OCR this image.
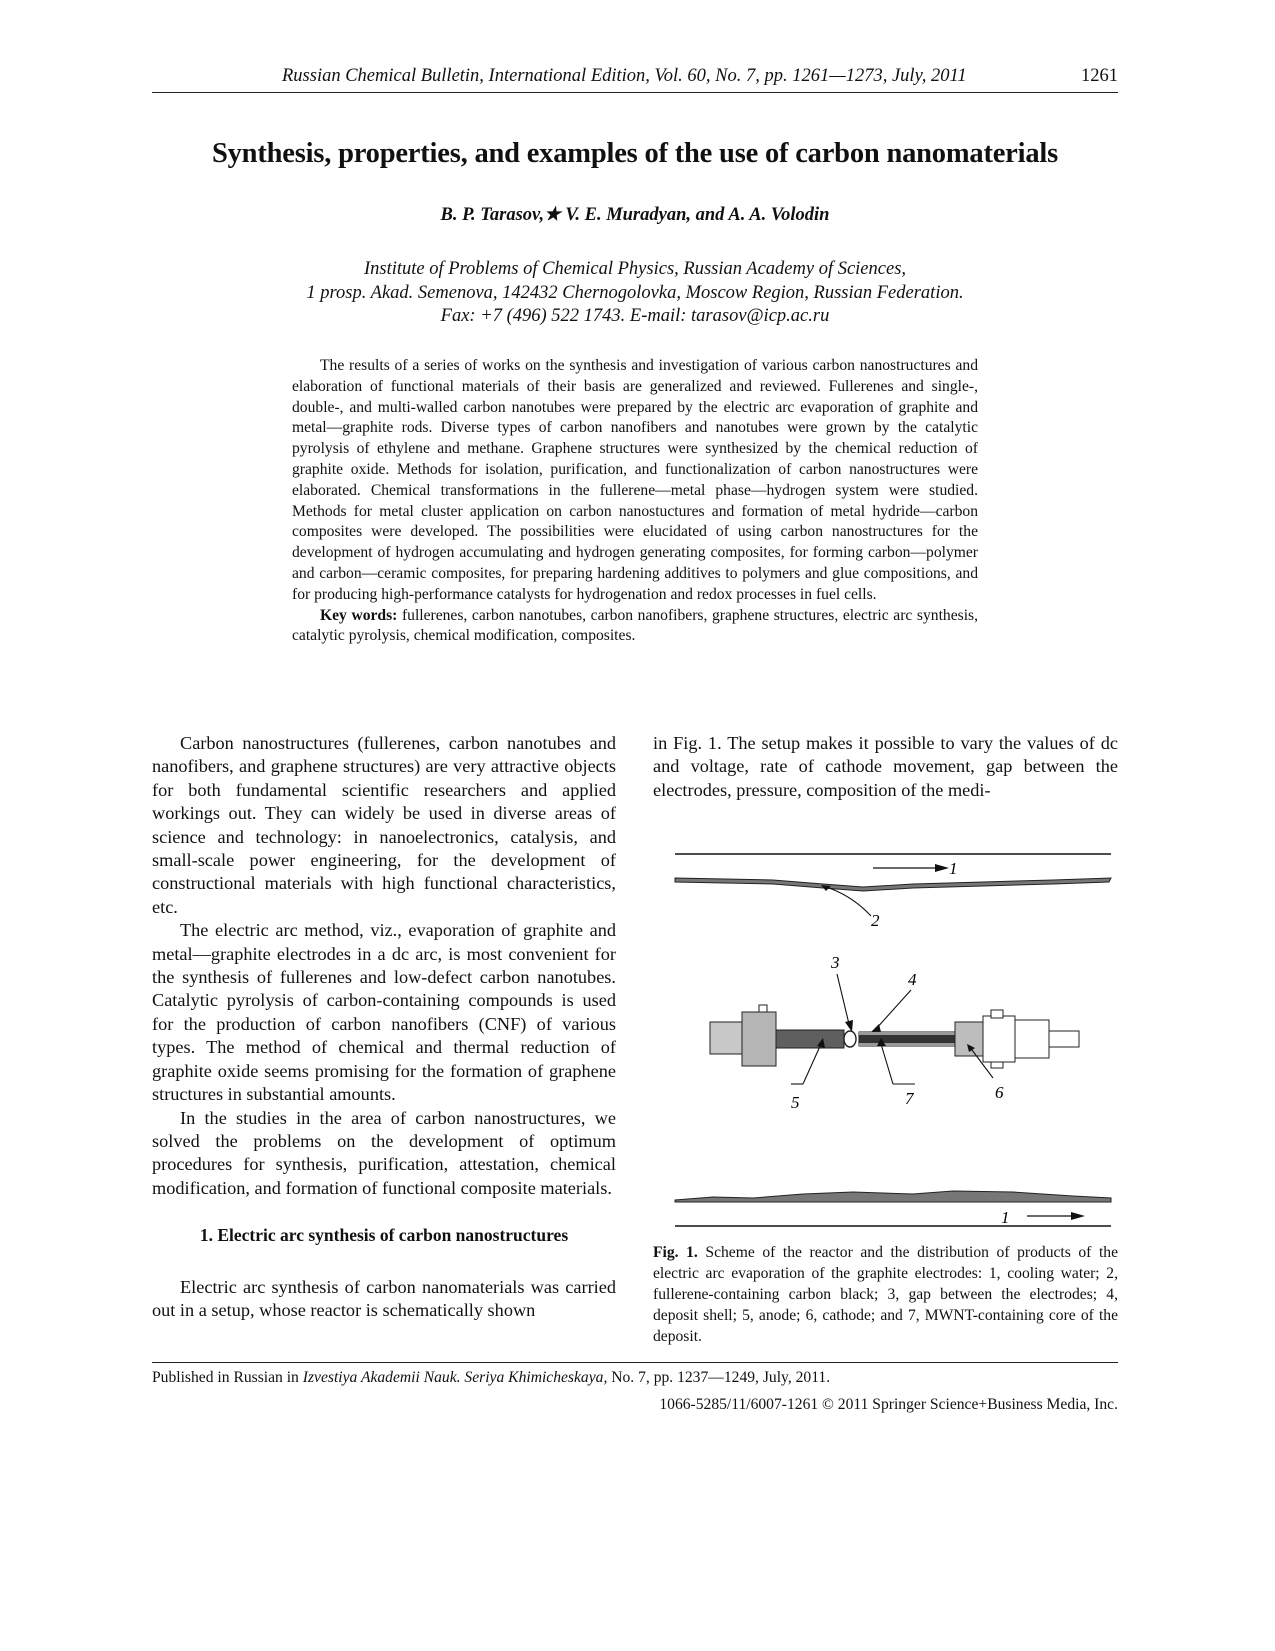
Russian Chemical Bulletin, International Edition, Vol. 60, No. 7, pp. 1261—1273, July, 2011	1261
Synthesis, properties, and examples of the use of carbon nanomaterials
B. P. Tarasov,★ V. E. Muradyan, and A. A. Volodin
Institute of Problems of Chemical Physics, Russian Academy of Sciences,
1 prosp. Akad. Semenova, 142432 Chernogolovka, Moscow Region, Russian Federation.
Fax: +7 (496) 522 1743. E-mail: tarasov@icp.ac.ru

The results of a series of works on the synthesis and investigation of various carbon nanostructures and elaboration of functional materials of their basis are generalized and reviewed. Fullerenes and single-, double-, and multi-walled carbon nanotubes were prepared by the electric arc evaporation of graphite and metal—graphite rods. Diverse types of carbon nanofibers and nanotubes were grown by the catalytic pyrolysis of ethylene and methane. Graphene structures were synthesized by the chemical reduction of graphite oxide. Methods for isolation, purification, and functionalization of carbon nanostructures were elaborated. Chemical transformations in the fullerene—metal phase—hydrogen system were studied. Methods for metal cluster application on carbon nanostuctures and formation of metal hydride—carbon composites were developed. The possibilities were elucidated of using carbon nanostructures for the development of hydrogen accumulating and hydrogen generating composites, for forming carbon—polymer and carbon—ceramic composites, for preparing hardening additives to polymers and glue compositions, and for producing high-performance catalysts for hydrogenation and redox processes in fuel cells.

Key words: fullerenes, carbon nanotubes, carbon nanofibers, graphene structures, electric arc synthesis, catalytic pyrolysis, chemical modification, composites.

Carbon nanostructures (fullerenes, carbon nanotubes and nanofibers, and graphene structures) are very attractive objects for both fundamental scientific researchers and applied workings out. They can widely be used in diverse areas of science and technology: in nanoelectronics, catalysis, and small-scale power engineering, for the development of constructional materials with high functional characteristics, etc.

The electric arc method, viz., evaporation of graphite and metal—graphite electrodes in a dc arc, is most convenient for the synthesis of fullerenes and low-defect carbon nanotubes. Catalytic pyrolysis of carbon-containing compounds is used for the production of carbon nanofibers (CNF) of various types. The method of chemical and thermal reduction of graphite oxide seems promising for the formation of graphene structures in substantial amounts.

In the studies in the area of carbon nanostructures, we solved the problems on the development of optimum procedures for synthesis, purification, attestation, chemical modification, and formation of functional composite materials.

1. Electric arc synthesis of carbon nanostructures

Electric arc synthesis of carbon nanomaterials was carried out in a setup, whose reactor is schematically shown

in Fig. 1. The setup makes it possible to vary the values of dc and voltage, rate of cathode movement, gap between the electrodes, pressure, composition of the medi-

1
2
3
4
5	7	6
1
Fig. 1. Scheme of the reactor and the distribution of products of the electric arc evaporation of the graphite electrodes: 1, cooling water; 2, fullerene-containing carbon black; 3, gap between the electrodes; 4, deposit shell; 5, anode; 6, cathode; and 7, MWNT-containing core of the deposit.
Published in Russian in Izvestiya Akademii Nauk. Seriya Khimicheskaya, No. 7, pp. 1237—1249, July, 2011.
1066-5285/11/6007-1261 © 2011 Springer Science+Business Media, Inc.
